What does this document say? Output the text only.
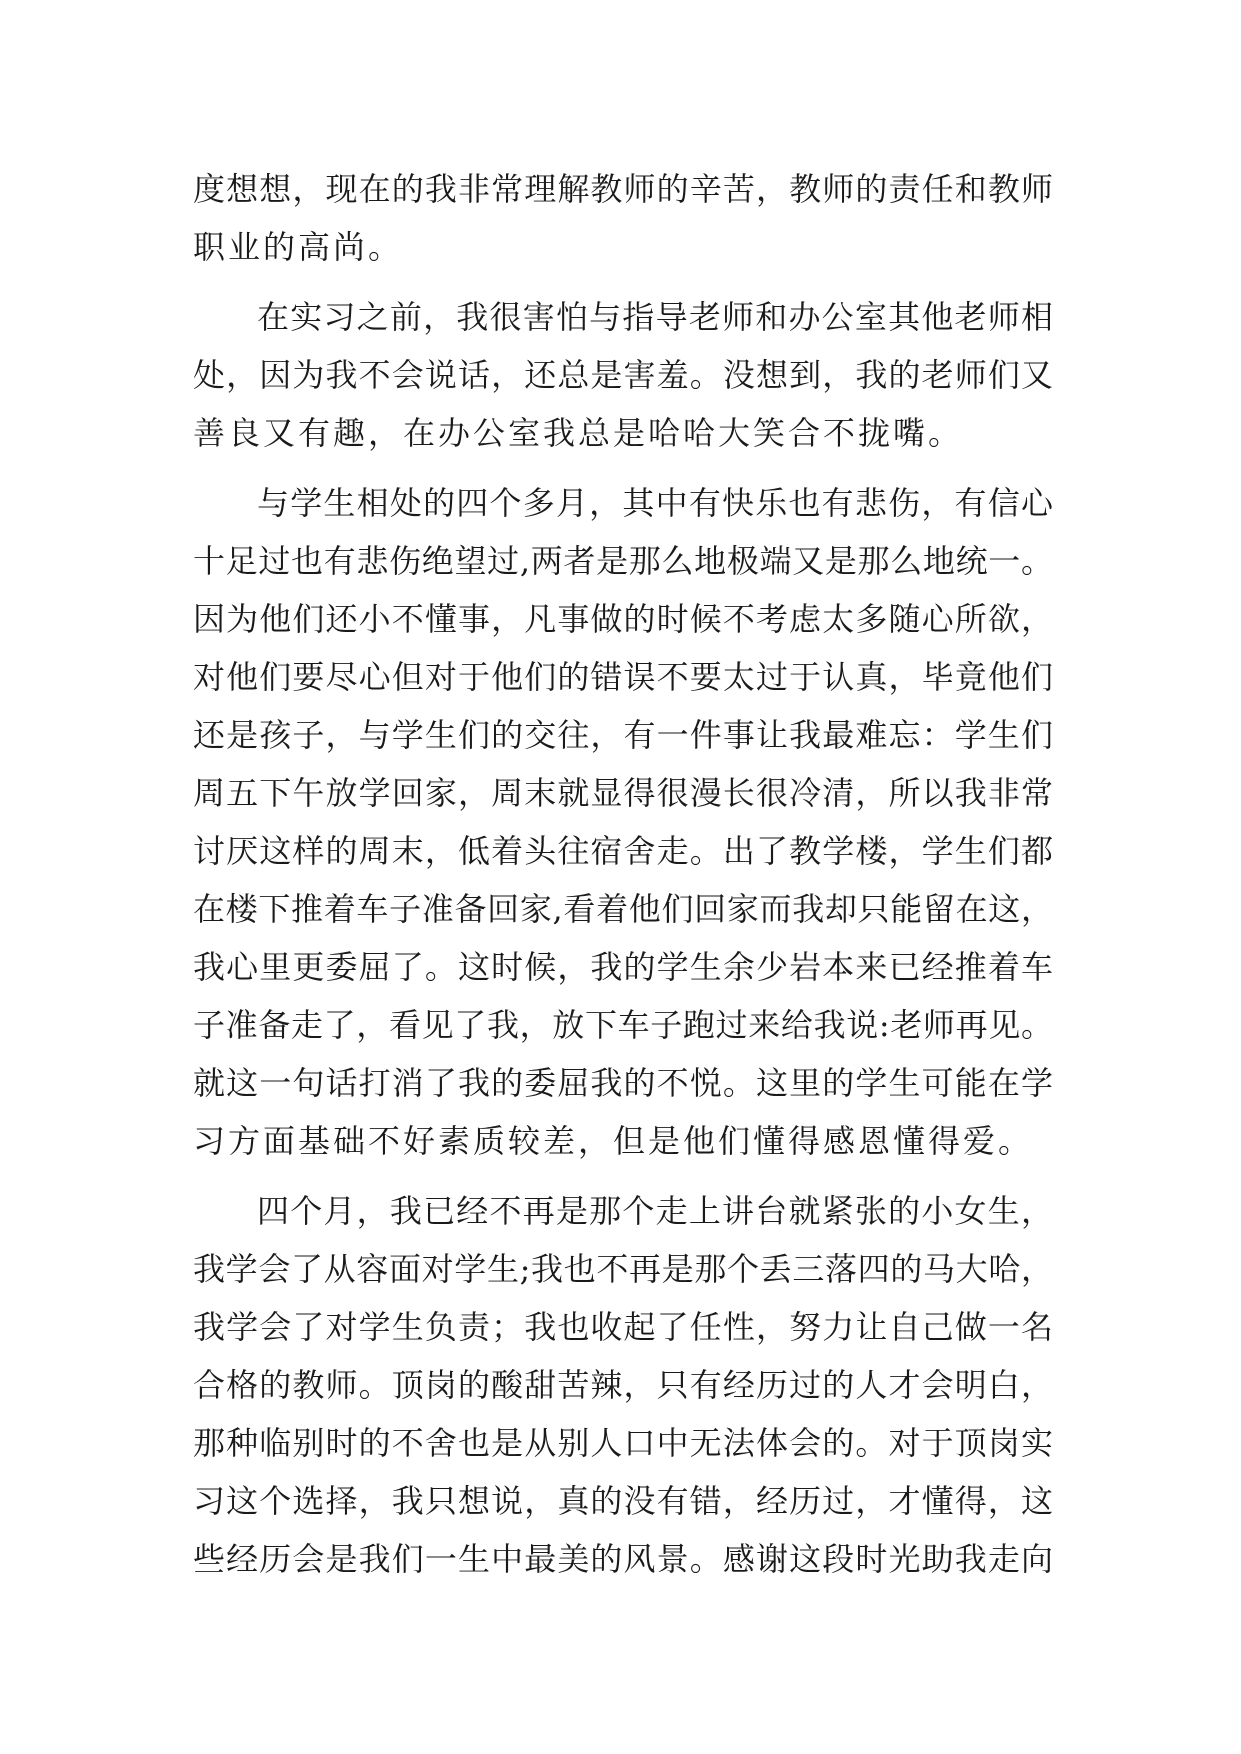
度想想，现在的我非常理解教师的辛苦，教师的责任和教师
职业的高尚。
在实习之前，我很害怕与指导老师和办公室其他老师相
处，因为我不会说话，还总是害羞。没想到，我的老师们又
善良又有趣，在办公室我总是哈哈大笑合不拢嘴。
与学生相处的四个多月，其中有快乐也有悲伤，有信心
十足过也有悲伤绝望过,两者是那么地极端又是那么地统一。
因为他们还小不懂事，凡事做的时候不考虑太多随心所欲，
对他们要尽心但对于他们的错误不要太过于认真，毕竟他们
还是孩子，与学生们的交往，有一件事让我最难忘：学生们
周五下午放学回家，周末就显得很漫长很冷清，所以我非常
讨厌这样的周末，低着头往宿舍走。出了教学楼，学生们都
在楼下推着车子准备回家,看着他们回家而我却只能留在这，
我心里更委屈了。这时候，我的学生余少岩本来已经推着车
子准备走了，看见了我，放下车子跑过来给我说:老师再见。
就这一句话打消了我的委屈我的不悦。这里的学生可能在学
习方面基础不好素质较差，但是他们懂得感恩懂得爱。
四个月，我已经不再是那个走上讲台就紧张的小女生，
我学会了从容面对学生;我也不再是那个丢三落四的马大哈，
我学会了对学生负责；我也收起了任性，努力让自己做一名
合格的教师。顶岗的酸甜苦辣，只有经历过的人才会明白，
那种临别时的不舍也是从别人口中无法体会的。对于顶岗实
习这个选择，我只想说，真的没有错，经历过，才懂得，这
些经历会是我们一生中最美的风景。感谢这段时光助我走向
